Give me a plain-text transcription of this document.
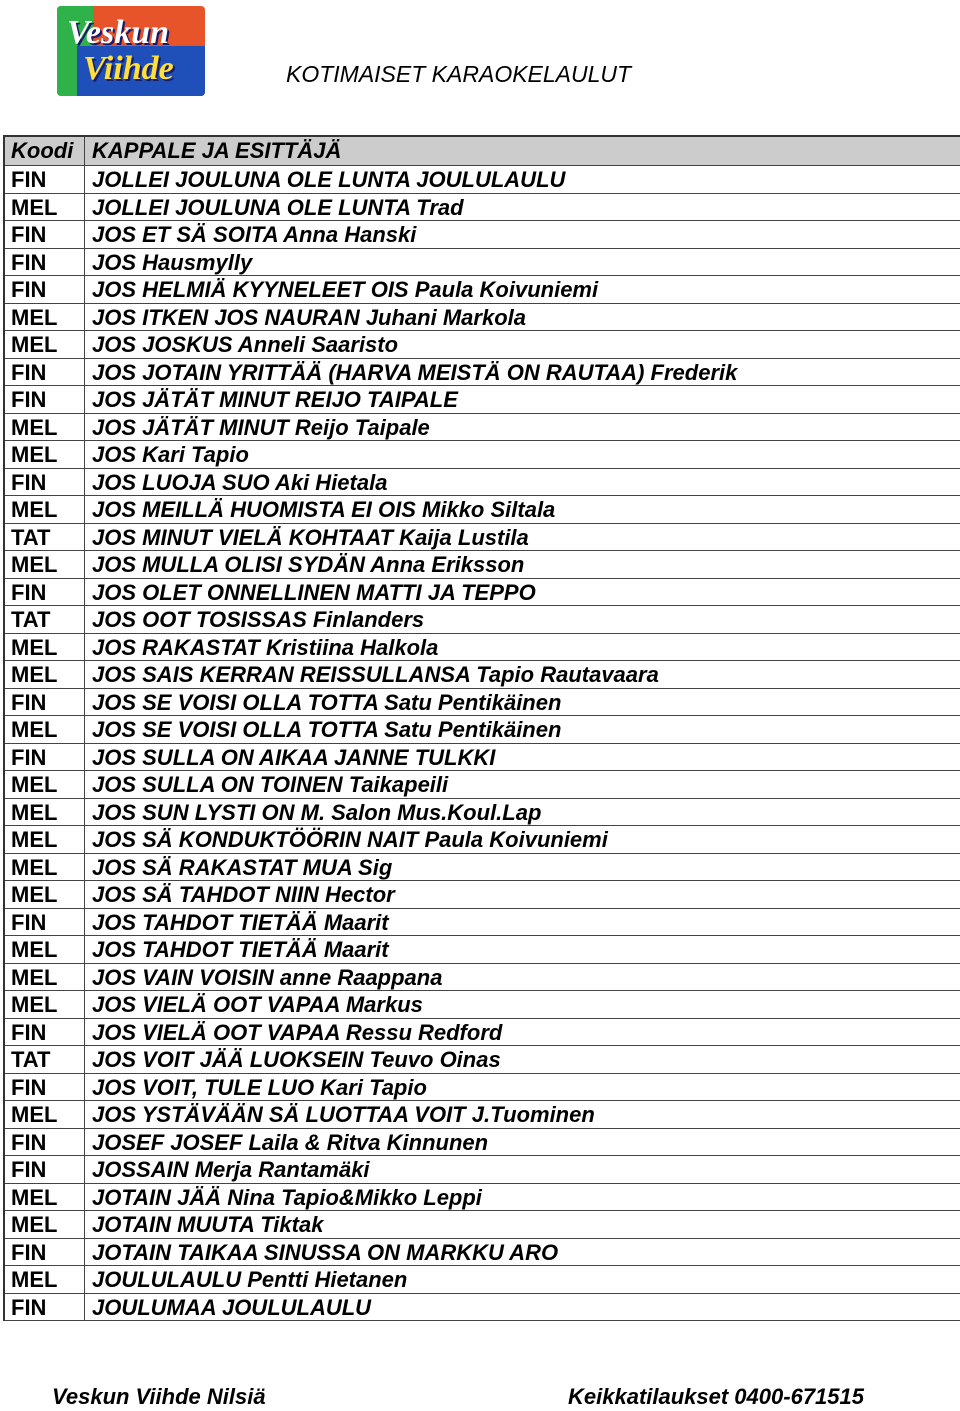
Veskun
Viihde	KOTIMAISET KARAOKELAULUT
Koodi KAPPALE JA ESITTÄJÄ
FIN	JOLLEI JOULUNA OLE LUNTA JOULULAULU
MEL	JOLLEI JOULUNA OLE LUNTA Trad
FIN	JOS ET SÄ SOITA Anna Hanski
FIN	JOS Hausmylly
FIN	JOS HELMIÄ KYYNELEET OIS Paula Koivuniemi
MEL	JOS ITKEN JOS NAURAN Juhani Markola
MEL	JOS JOSKUS Anneli Saaristo
FIN	JOS JOTAIN YRITTÄÄ (HARVA MEISTÄ ON RAUTAA) Frederik
FIN	JOS JÄTÄT MINUT REIJO TAIPALE
MEL	JOS JÄTÄT MINUT Reijo Taipale
MEL	JOS Kari Tapio
FIN	JOS LUOJA SUO Aki Hietala
MEL	JOS MEILLÄ HUOMISTA EI OIS Mikko Siltala
TAT	JOS MINUT VIELÄ KOHTAAT Kaija Lustila
MEL	JOS MULLA OLISI SYDÄN Anna Eriksson
FIN	JOS OLET ONNELLINEN MATTI JA TEPPO
TAT	JOS OOT TOSISSAS Finlanders
MEL	JOS RAKASTAT Kristiina Halkola
MEL	JOS SAIS KERRAN REISSULLANSA Tapio Rautavaara
FIN	JOS SE VOISI OLLA TOTTA Satu Pentikäinen
MEL	JOS SE VOISI OLLA TOTTA Satu Pentikäinen
FIN	JOS SULLA ON AIKAA JANNE TULKKI
MEL	JOS SULLA ON TOINEN Taikapeili
MEL	JOS SUN LYSTI ON M. Salon Mus.Koul.Lap
MEL	JOS SÄ KONDUKTÖÖRIN NAIT Paula Koivuniemi
MEL	JOS SÄ RAKASTAT MUA Sig
MEL	JOS SÄ TAHDOT NIIN Hector
FIN	JOS TAHDOT TIETÄÄ Maarit
MEL	JOS TAHDOT TIETÄÄ Maarit
MEL	JOS VAIN VOISIN anne Raappana
MEL	JOS VIELÄ OOT VAPAA Markus
FIN	JOS VIELÄ OOT VAPAA Ressu Redford
TAT	JOS VOIT JÄÄ LUOKSEIN Teuvo Oinas
FIN	JOS VOIT, TULE LUO Kari Tapio
MEL	JOS YSTÄVÄÄN SÄ LUOTTAA VOIT J.Tuominen
FIN	JOSEF JOSEF Laila & Ritva Kinnunen
FIN	JOSSAIN Merja Rantamäki
MEL	JOTAIN JÄÄ Nina Tapio&Mikko Leppi
MEL	JOTAIN MUUTA Tiktak
FIN	JOTAIN TAIKAA SINUSSA ON MARKKU ARO
MEL	JOULULAULU Pentti Hietanen
FIN	JOULUMAA JOULULAULU
Veskun Viihde Nilsiä	Keikkatilaukset 0400-671515
